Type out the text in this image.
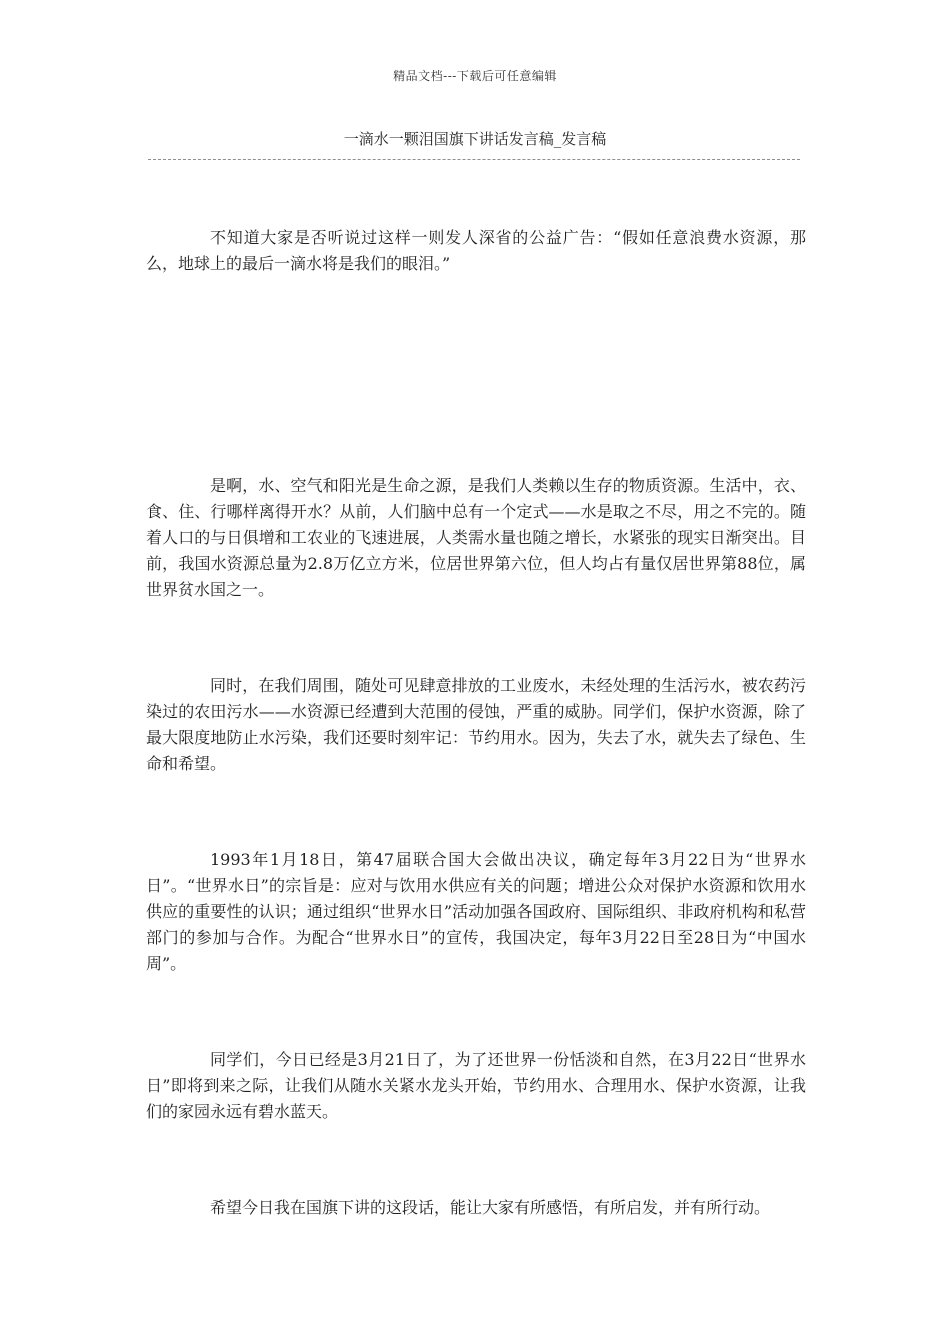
精品文档---下载后可任意编辑
一滴水一颗泪国旗下讲话发言稿_发言稿

不知道大家是否听说过这样一则发人深省的公益广告：“假如任意浪费水资源，那么，地球上的最后一滴水将是我们的眼泪。”

是啊，水、空气和阳光是生命之源，是我们人类赖以生存的物质资源。生活中，衣、食、住、行哪样离得开水？从前，人们脑中总有一个定式——水是取之不尽，用之不完的。随着人口的与日俱增和工农业的飞速进展，人类需水量也随之增长，水紧张的现实日渐突出。目前，我国水资源总量为2.8万亿立方米，位居世界第六位，但人均占有量仅居世界第88位，属世界贫水国之一。

同时，在我们周围，随处可见肆意排放的工业废水，未经处理的生活污水，被农药污染过的农田污水——水资源已经遭到大范围的侵蚀，严重的威胁。同学们，保护水资源，除了最大限度地防止水污染，我们还要时刻牢记：节约用水。因为，失去了水，就失去了绿色、生命和希望。

1993年1月18日，第47届联合国大会做出决议，确定每年3月22日为“世界水日”。“世界水日”的宗旨是：应对与饮用水供应有关的问题；增进公众对保护水资源和饮用水供应的重要性的认识；通过组织“世界水日”活动加强各国政府、国际组织、非政府机构和私营部门的参加与合作。为配合“世界水日”的宣传，我国决定，每年3月22日至28日为“中国水周”。

同学们，今日已经是3月21日了，为了还世界一份恬淡和自然，在3月22日“世界水日”即将到来之际，让我们从随水关紧水龙头开始，节约用水、合理用水、保护水资源，让我们的家园永远有碧水蓝天。

希望今日我在国旗下讲的这段话，能让大家有所感悟，有所启发，并有所行动。
